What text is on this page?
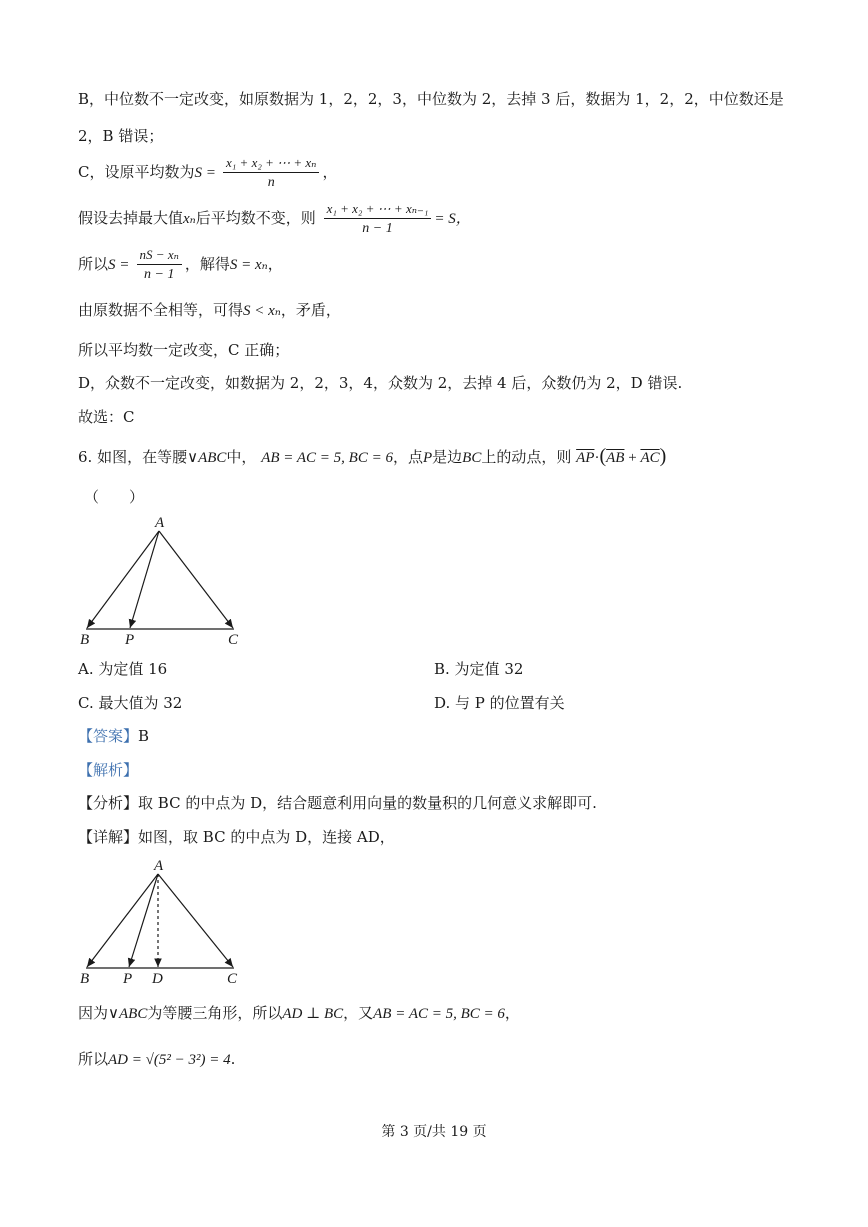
B，中位数不一定改变，如原数据为 1，2，2，3，中位数为 2，去掉 3 后，数据为 1，2，2，中位数还是
2，B 错误；
C，设原平均数为$S = \frac{\text{x₁ + x₂ + ⋯ + xₙ}}{n}$ ，
假设去掉最大值xₙ后平均数不变，则 $\frac{\text{x₁ + x₂ + ⋯ + xₙ₋₁}}{n - 1} = S$，
所以$S = \frac{\text{nS − xₙ}}{n - 1}$ ，解得S = xₙ，
由原数据不全相等，可得S < xₙ，矛盾，
所以平均数一定改变，C 正确；
D，众数不一定改变，如数据为 2，2，3，4，众数为 2，去掉 4 后，众数仍为 2，D 错误.
故选：C
6. 如图，在等腰∨ABC中， AB = AC = 5, BC = 6，点P是边BC上的动点，则 $\overline{AP}\cdot(\overline{AB} + \overline{AC})$
（　　）
A
B P	C
A. 为定值 16	B. 为定值 32
C. 最大值为 32	D. 与 P 的位置有关
【答案】B
【解析】
【分析】取 BC 的中点为 D，结合题意利用向量的数量积的几何意义求解即可.
【详解】如图，取 BC 的中点为 D，连接 AD，
A
B P D	C
因为∨ABC为等腰三角形，所以AD ⊥ BC，又AB = AC = 5, BC = 6，
所以AD = √(5² − 3²) = 4.
第 3 页/共 19 页
